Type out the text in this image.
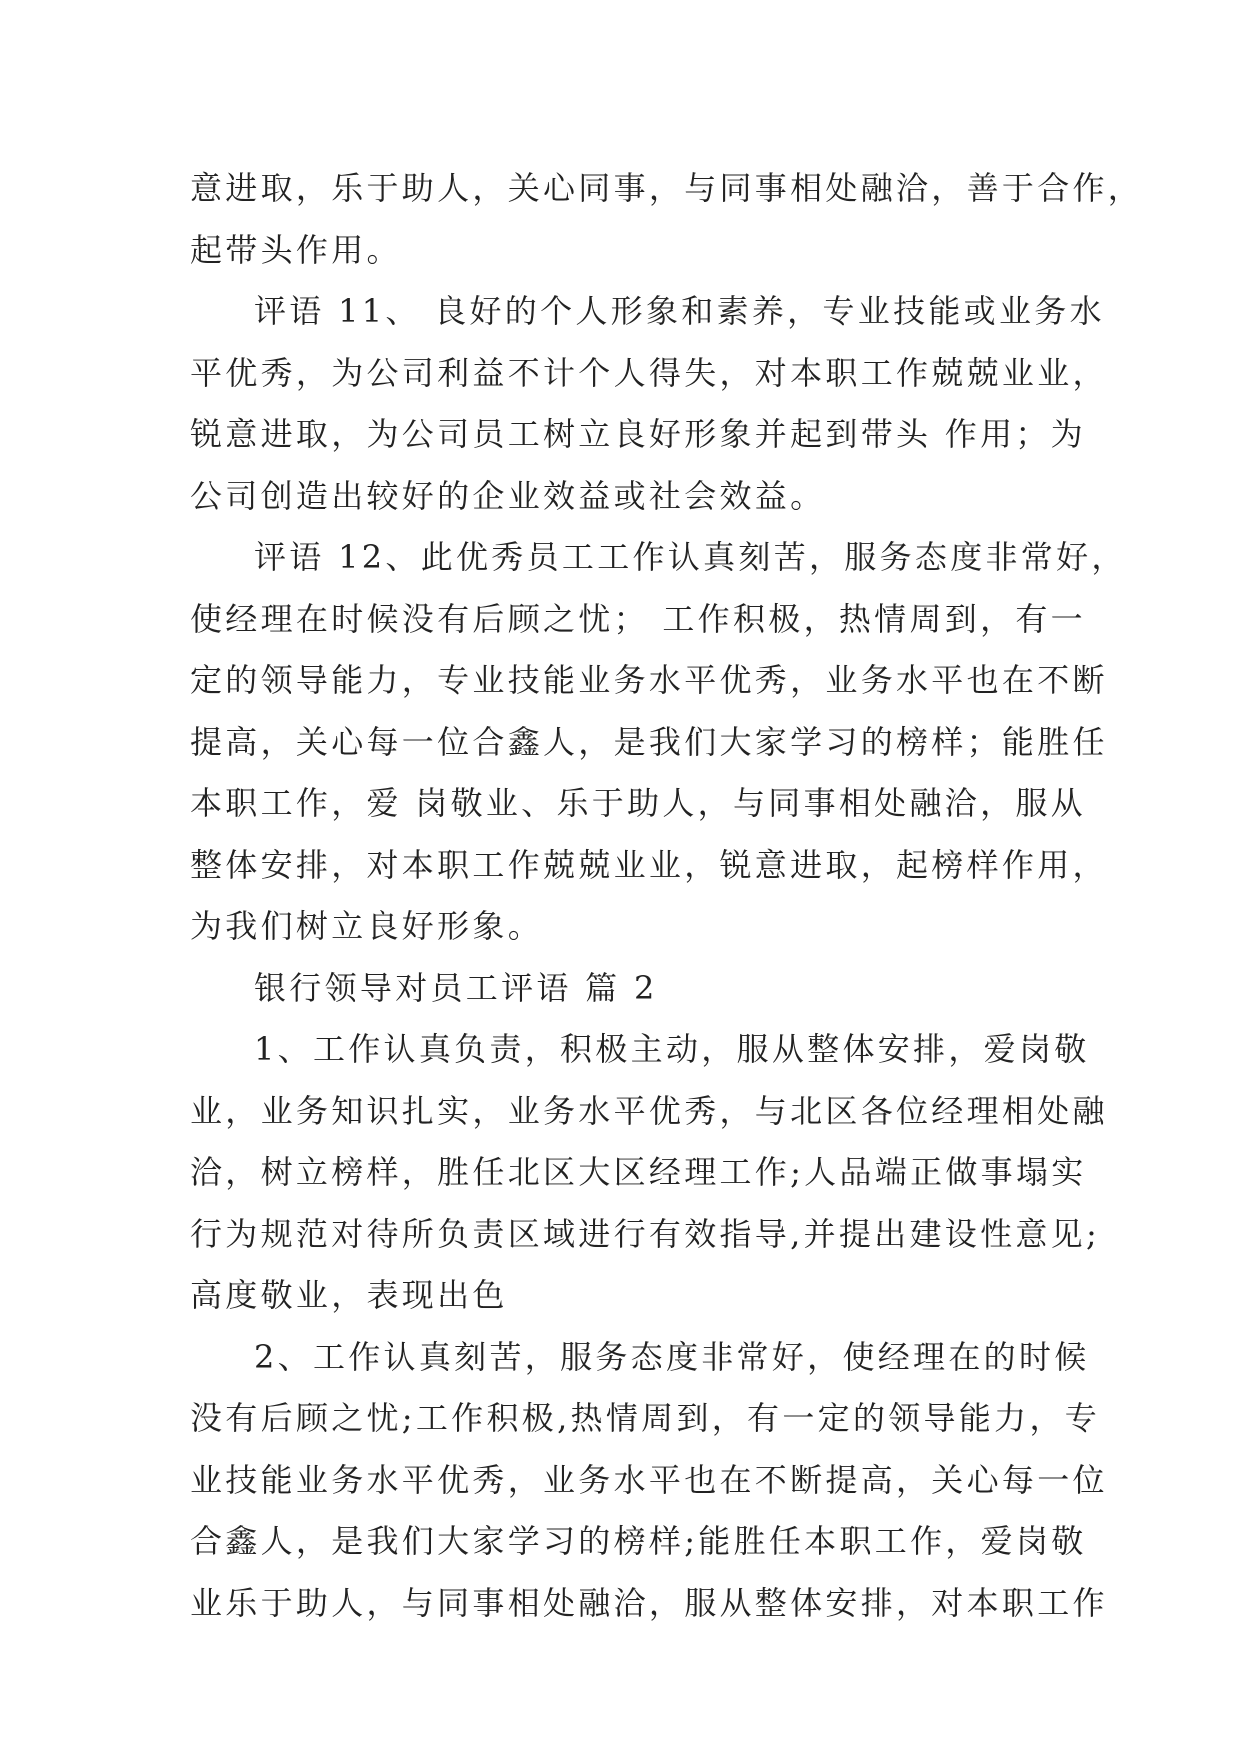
意进取，乐于助人，关心同事，与同事相处融洽，善于合作，
起带头作用。

评语 11、 良好的个人形象和素养，专业技能或业务水
平优秀，为公司利益不计个人得失，对本职工作兢兢业业，
锐意进取，为公司员工树立良好形象并起到带头 作用；为
公司创造出较好的企业效益或社会效益。

评语 12、此优秀员工工作认真刻苦，服务态度非常好，
使经理在时候没有后顾之忧； 工作积极，热情周到，有一
定的领导能力，专业技能业务水平优秀，业务水平也在不断
提高，关心每一位合鑫人，是我们大家学习的榜样；能胜任
本职工作，爱 岗敬业、乐于助人，与同事相处融洽，服从
整体安排，对本职工作兢兢业业，锐意进取，起榜样作用，
为我们树立良好形象。

银行领导对员工评语 篇 2

1、工作认真负责，积极主动，服从整体安排，爱岗敬
业，业务知识扎实，业务水平优秀，与北区各位经理相处融
洽，树立榜样，胜任北区大区经理工作;人品端正做事塌实
行为规范对待所负责区域进行有效指导,并提出建设性意见;
高度敬业，表现出色

2、工作认真刻苦，服务态度非常好，使经理在的时候
没有后顾之忧;工作积极,热情周到，有一定的领导能力，专
业技能业务水平优秀，业务水平也在不断提高，关心每一位
合鑫人，是我们大家学习的榜样;能胜任本职工作，爱岗敬
业乐于助人，与同事相处融洽，服从整体安排，对本职工作
